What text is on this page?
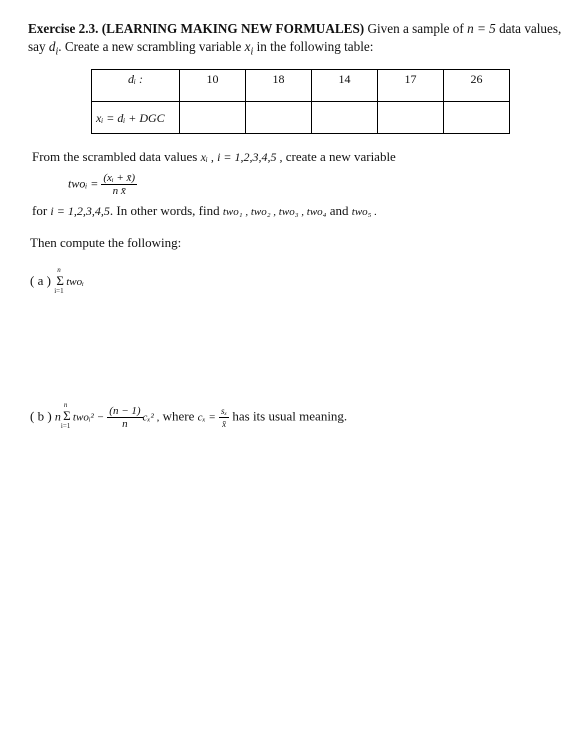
Exercise 2.3. (LEARNING MAKING NEW FORMUALES) Given a sample of n = 5 data values, say $d_i$. Create a new scrambling variable $x_i$ in the following table:
dᵢ :	10	18	14	17	26
xᵢ = dᵢ + DGC					
From the scrambled data values xᵢ , i = 1,2,3,4,5 , create a new variable
twoᵢ = $\frac{\text{(xᵢ + x̄)}}{\text{n x̄}}$
for i = 1,2,3,4,5. In other words, find two₁ , two₂ , two₃ , two₄ and two₅ .
Then compute the following:
( a ) Σ
n
i=1
twoᵢ
( b ) n Σ
n
i=1
twoᵢ² − $\frac{(n - 1)}{n} c_x^2$ , where $c_x = \frac{\text{sₓ}}{x̄}$ has its usual meaning.
